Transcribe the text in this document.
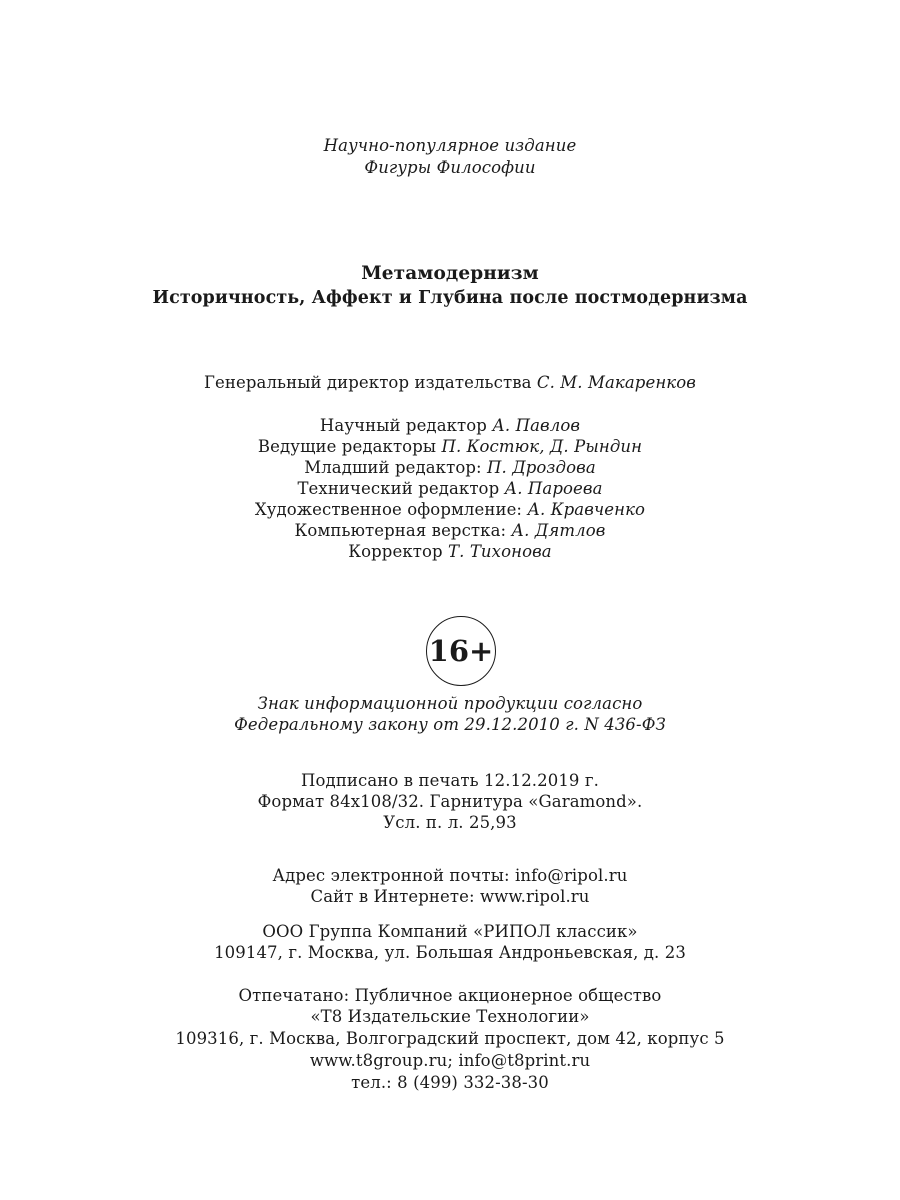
Научно-популярное издание
Фигуры Философии
Метамодернизм
Историчность, Аффект и Глубина после постмодернизма
Генеральный директор издательства С. М. Макаренков
Научный редактор А. Павлов
Ведущие редакторы П. Костюк, Д. Рындин
Младший редактор: П. Дроздова
Технический редактор А. Пароева
Художественное оформление: А. Кравченко
Компьютерная верстка: А. Дятлов
Корректор Т. Тихонова
16+
Знак информационной продукции согласно
Федеральному закону от 29.12.2010 г. N 436-ФЗ
Подписано в печать 12.12.2019 г.
Формат 84x108/32. Гарнитура «Garamond».
Усл. п. л. 25,93
Адрес электронной почты: info@ripol.ru
Сайт в Интернете: www.ripol.ru
ООО Группа Компаний «РИПОЛ классик»
109147, г. Москва, ул. Большая Андроньевская, д. 23
Отпечатано: Публичное акционерное общество
«Т8 Издательские Технологии»
109316, г. Москва, Волгоградский проспект, дом 42, корпус 5
www.t8group.ru; info@t8print.ru
тел.: 8 (499) 332-38-30
